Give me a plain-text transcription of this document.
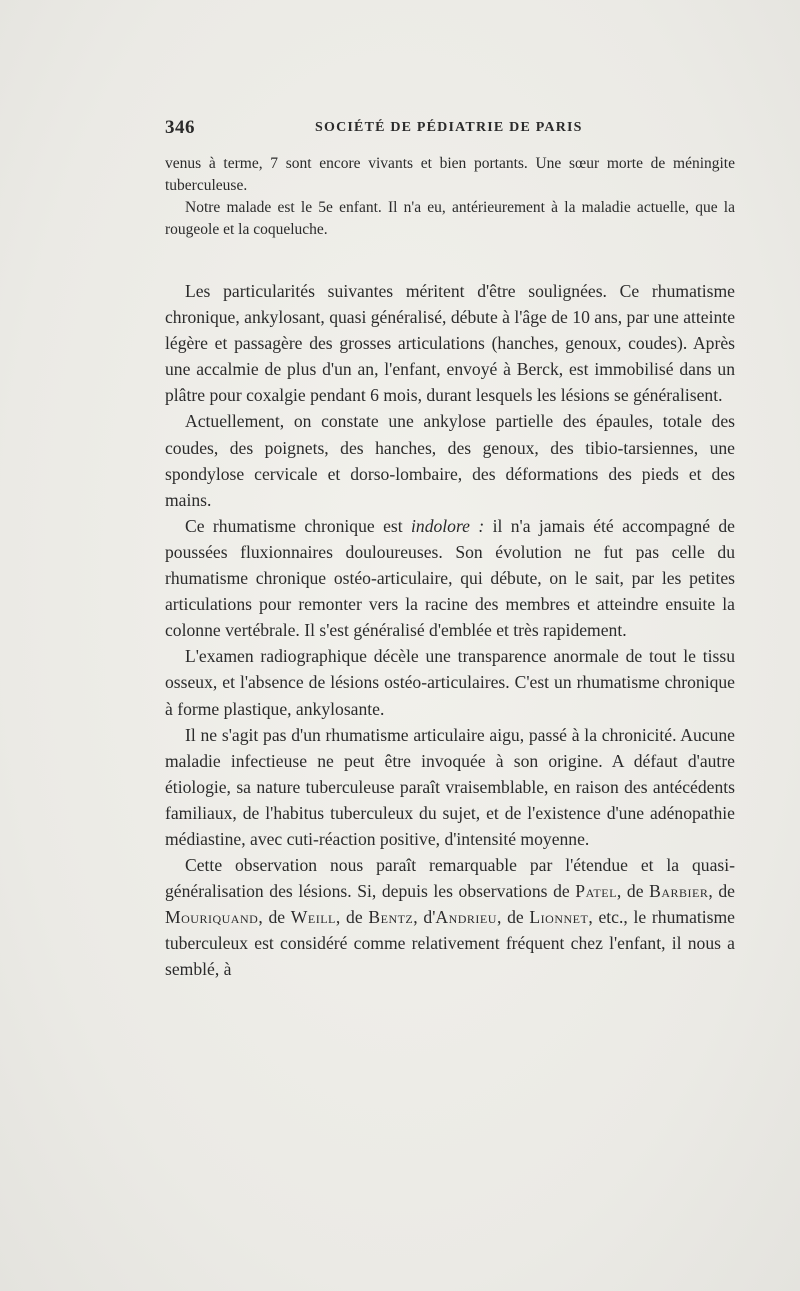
346	SOCIÉTÉ DE PÉDIATRIE DE PARIS

venus à terme, 7 sont encore vivants et bien portants. Une sœur morte de méningite tuberculeuse.

Notre malade est le 5e enfant. Il n'a eu, antérieurement à la maladie actuelle, que la rougeole et la coqueluche.

Les particularités suivantes méritent d'être soulignées. Ce rhumatisme chronique, ankylosant, quasi généralisé, débute à l'âge de 10 ans, par une atteinte légère et passagère des grosses articulations (hanches, genoux, coudes). Après une accalmie de plus d'un an, l'enfant, envoyé à Berck, est immobilisé dans un plâtre pour coxalgie pendant 6 mois, durant lesquels les lésions se généralisent.

Actuellement, on constate une ankylose partielle des épaules, totale des coudes, des poignets, des hanches, des genoux, des tibio-tarsiennes, une spondylose cervicale et dorso-lombaire, des déformations des pieds et des mains.

Ce rhumatisme chronique est indolore : il n'a jamais été accompagné de poussées fluxionnaires douloureuses. Son évolution ne fut pas celle du rhumatisme chronique ostéo-articulaire, qui débute, on le sait, par les petites articulations pour remonter vers la racine des membres et atteindre ensuite la colonne vertébrale. Il s'est généralisé d'emblée et très rapidement.

L'examen radiographique décèle une transparence anormale de tout le tissu osseux, et l'absence de lésions ostéo-articulaires. C'est un rhumatisme chronique à forme plastique, ankylosante.

Il ne s'agit pas d'un rhumatisme articulaire aigu, passé à la chronicité. Aucune maladie infectieuse ne peut être invoquée à son origine. A défaut d'autre étiologie, sa nature tuberculeuse paraît vraisemblable, en raison des antécédents familiaux, de l'habitus tuberculeux du sujet, et de l'existence d'une adénopathie médiastine, avec cuti-réaction positive, d'intensité moyenne.

Cette observation nous paraît remarquable par l'étendue et la quasi-généralisation des lésions. Si, depuis les observations de Patel, de Barbier, de Mouriquand, de Weill, de Bentz, d'Andrieu, de Lionnet, etc., le rhumatisme tuberculeux est considéré comme relativement fréquent chez l'enfant, il nous a semblé, à
